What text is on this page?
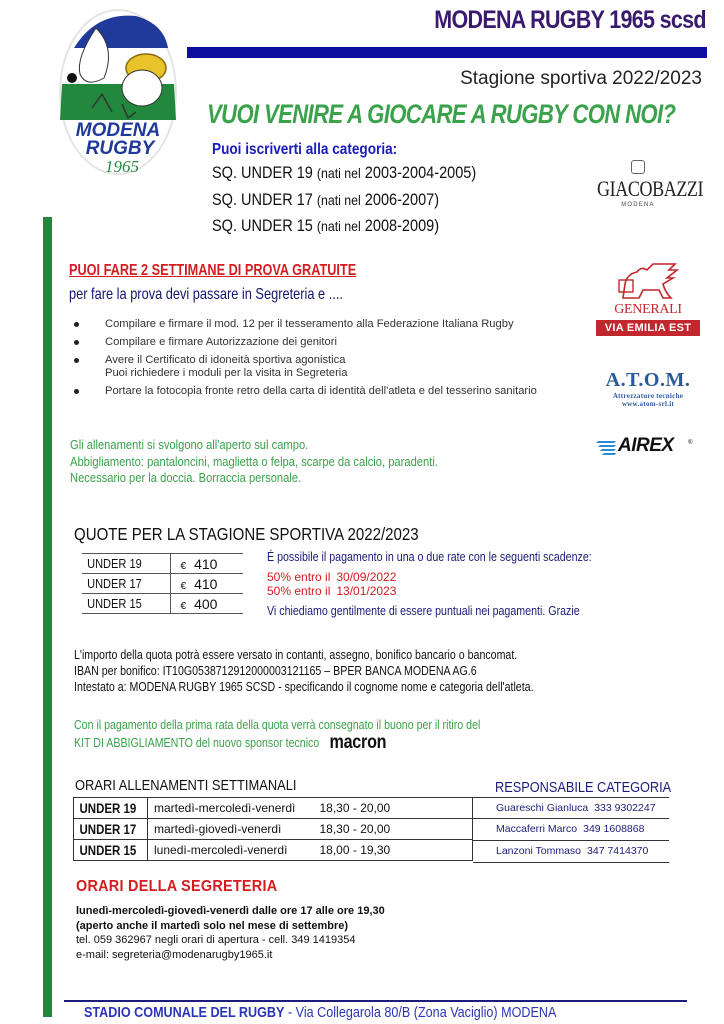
MODENA
RUGBY
1965
MODENA RUGBY 1965 scsd
Stagione sportiva 2022/2023
VUOI VENIRE A GIOCARE A RUGBY CON NOI?
Puoi iscriverti alla categoria:
SQ. UNDER 19 (nati nel 2003-2004-2005)
SQ. UNDER 17 (nati nel 2006-2007)
SQ. UNDER 15 (nati nel 2008-2009)
GIACOBAZZI
MODENA
GENERALI
VIA EMILIA EST
A.T.O.M.
Attrezzature tecniche
www.atom-srl.it
AIREX ®
PUOI FARE 2 SETTIMANE DI PROVA GRATUITE
per fare la prova devi passare in Segreteria e ....
Compilare e firmare il mod. 12 per il tesseramento alla Federazione Italiana Rugby
Compilare e firmare Autorizzazione dei genitori
Avere il Certificato di idoneità sportiva agonistica
Puoi richiedere i moduli per la visita in Segreteria
Portare la fotocopia fronte retro della carta di identità dell'atleta e del tesserino sanitario
Gli allenamenti si svolgono all'aperto sul campo.
Abbigliamento: pantaloncini, maglietta o felpa, scarpe da calcio, paradenti.
Necessario per la doccia. Borraccia personale.
QUOTE PER LA STAGIONE SPORTIVA 2022/2023
UNDER 19	€ 410
UNDER 17	€ 410
UNDER 15	€ 400
É possibile il pagamento in una o due rate con le seguenti scadenze:
50% entro il 30/09/2022
50% entro il 13/01/2023
Vi chiediamo gentilmente di essere puntuali nei pagamenti. Grazie
L'importo della quota potrà essere versato in contanti, assegno, bonifico bancario o bancomat.
IBAN per bonifico: IT10G0538712912000003121165 – BPER BANCA MODENA AG.6
Intestato a: MODENA RUGBY 1965 SCSD - specificando il cognome nome e categoria dell'atleta.
Con il pagamento della prima rata della quota verrà consegnato il buono per il ritiro del
KIT DI ABBIGLIAMENTO del nuovo sponsor tecnico macron
ORARI ALLENAMENTI SETTIMANALI
UNDER 19	martedì-mercoledì-venerdì	18,30 - 20,00
UNDER 17	martedì-giovedì-venerdì	18,30 - 20,00
UNDER 15	lunedì-mercoledì-venerdì	18,00 - 19,30
RESPONSABILE CATEGORIA
Guareschi Gianluca 333 9302247
Maccaferri Marco 349 1608868
Lanzoni Tommaso 347 7414370
ORARI DELLA SEGRETERIA
lunedì-mercoledì-giovedì-venerdì dalle ore 17 alle ore 19,30
(aperto anche il martedì solo nel mese di settembre)
tel. 059 362967 negli orari di apertura - cell. 349 1419354
e-mail: segreteria@modenarugby1965.it
STADIO COMUNALE DEL RUGBY - Via Collegarola 80/B (Zona Vaciglio) MODENA
